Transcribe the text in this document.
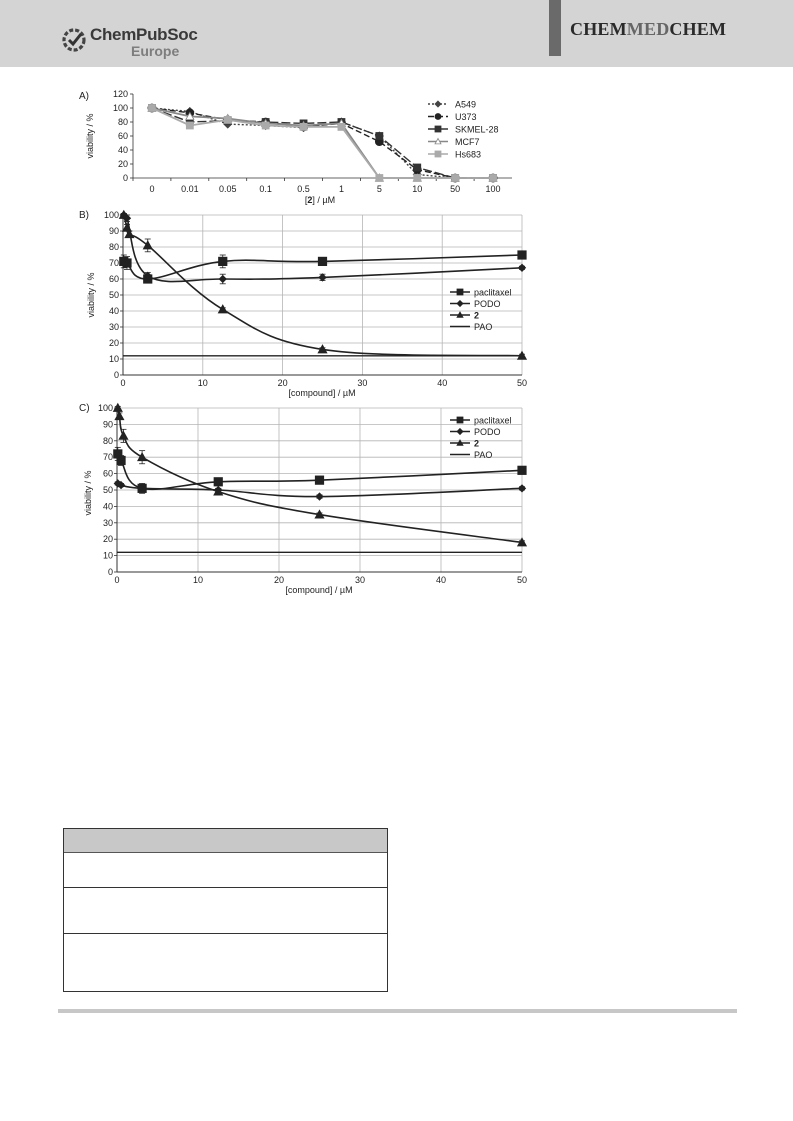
ChemPubSoc
Europe
CHEMMEDCHEM
A)
0
20
40
60
80
100
120
0	0.01 0.05	0.1	0.5	1	5	10	50	100
viability / %
[2] / µM
A549
U373
SKMEL-28
MCF7
Hs683
B)
0
10
20
30
40
50
60
70
80
90
100
0	10	20	30	40	50
viability / %
[compound] / µM
paclitaxel
PODO
2
PAO
C)
0
10
20
30
40
50
60
70
80
90
100
0	10	20	30	40	50
viability / %
[compound] / µM
paclitaxel
PODO
2
PAO
